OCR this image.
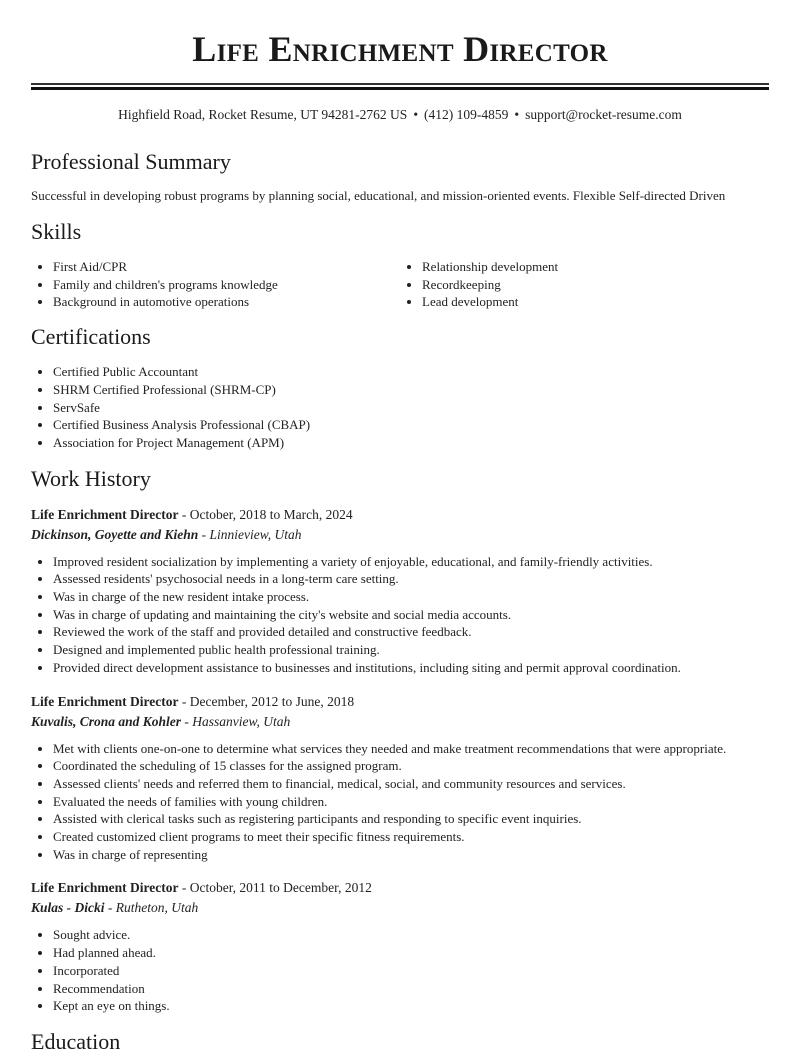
Life Enrichment Director
Highfield Road, Rocket Resume, UT 94281-2762 US • (412) 109-4859 • support@rocket-resume.com
Professional Summary
Successful in developing robust programs by planning social, educational, and mission-oriented events. Flexible Self-directed Driven
Skills
• First Aid/CPR
• Family and children's programs knowledge
• Background in automotive operations
• Relationship development
• Recordkeeping
• Lead development
Certifications
• Certified Public Accountant
• SHRM Certified Professional (SHRM-CP)
• ServSafe
• Certified Business Analysis Professional (CBAP)
• Association for Project Management (APM)
Work History
Life Enrichment Director - October, 2018 to March, 2024
Dickinson, Goyette and Kiehn - Linnieview, Utah
• Improved resident socialization by implementing a variety of enjoyable, educational, and family-friendly activities.
• Assessed residents' psychosocial needs in a long-term care setting.
• Was in charge of the new resident intake process.
• Was in charge of updating and maintaining the city's website and social media accounts.
• Reviewed the work of the staff and provided detailed and constructive feedback.
• Designed and implemented public health professional training.
• Provided direct development assistance to businesses and institutions, including siting and permit approval coordination.
Life Enrichment Director - December, 2012 to June, 2018
Kuvalis, Crona and Kohler - Hassanview, Utah
• Met with clients one-on-one to determine what services they needed and make treatment recommendations that were appropriate.
• Coordinated the scheduling of 15 classes for the assigned program.
• Assessed clients' needs and referred them to financial, medical, social, and community resources and services.
• Evaluated the needs of families with young children.
• Assisted with clerical tasks such as registering participants and responding to specific event inquiries.
• Created customized client programs to meet their specific fitness requirements.
• Was in charge of representing
Life Enrichment Director - October, 2011 to December, 2012
Kulas - Dicki - Rutheton, Utah
• Sought advice.
• Had planned ahead.
• Incorporated
• Recommendation
• Kept an eye on things.
Education
